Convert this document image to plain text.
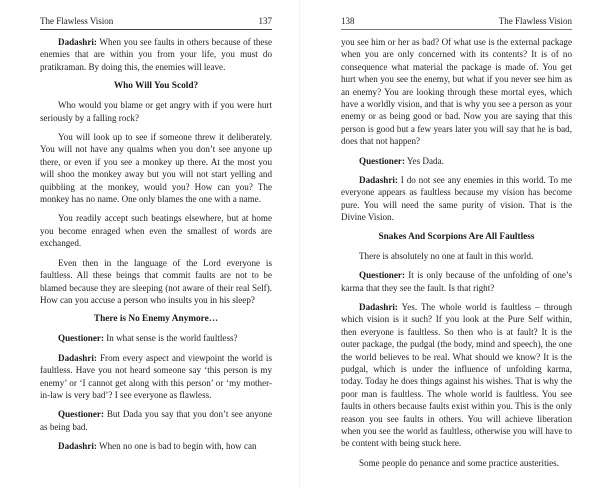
The Flawless Vision	137

Dadashri: When you see faults in others because of these enemies that are within you from your life, you must do pratikraman. By doing this, the enemies will leave.

Who Will You Scold?

Who would you blame or get angry with if you were hurt seriously by a falling rock?

You will look up to see if someone threw it deliberately. You will not have any qualms when you don’t see anyone up there, or even if you see a monkey up there. At the most you will shoo the monkey away but you will not start yelling and quibbling at the monkey, would you? How can you? The monkey has no name. One only blames the one with a name.

You readily accept such beatings elsewhere, but at home you become enraged when even the smallest of words are exchanged.

Even then in the language of the Lord everyone is faultless. All these beings that commit faults are not to be blamed because they are sleeping (not aware of their real Self). How can you accuse a person who insults you in his sleep?

There is No Enemy Anymore…

Questioner: In what sense is the world faultless?

Dadashri: From every aspect and viewpoint the world is faultless. Have you not heard someone say ‘this person is my enemy’ or ‘I cannot get along with this person’ or ‘my mother-in-law is very bad’? I see everyone as flawless.

Questioner: But Dada you say that you don’t see anyone as being bad.

Dadashri: When no one is bad to begin with, how can

138	The Flawless Vision

you see him or her as bad? Of what use is the external package when you are only concerned with its contents? It is of no consequence what material the package is made of. You get hurt when you see the enemy, but what if you never see him as an enemy? You are looking through these mortal eyes, which have a worldly vision, and that is why you see a person as your enemy or as being good or bad. Now you are saying that this person is good but a few years later you will say that he is bad, does that not happen?

Questioner: Yes Dada.

Dadashri: I do not see any enemies in this world. To me everyone appears as faultless because my vision has become pure. You will need the same purity of vision. That is the Divine Vision.

Snakes And Scorpions Are All Faultless

There is absolutely no one at fault in this world.

Questioner: It is only because of the unfolding of one’s karma that they see the fault. Is that right?

Dadashri: Yes. The whole world is faultless – through which vision is it such? If you look at the Pure Self within, then everyone is faultless. So then who is at fault? It is the outer package, the pudgal (the body, mind and speech), the one the world believes to be real. What should we know? It is the pudgal, which is under the influence of unfolding karma, today. Today he does things against his wishes. That is why the poor man is faultless. The whole world is faultless. You see faults in others because faults exist within you. This is the only reason you see faults in others. You will achieve liberation when you see the world as faultless, otherwise you will have to be content with being stuck here.

Some people do penance and some practice austerities.
